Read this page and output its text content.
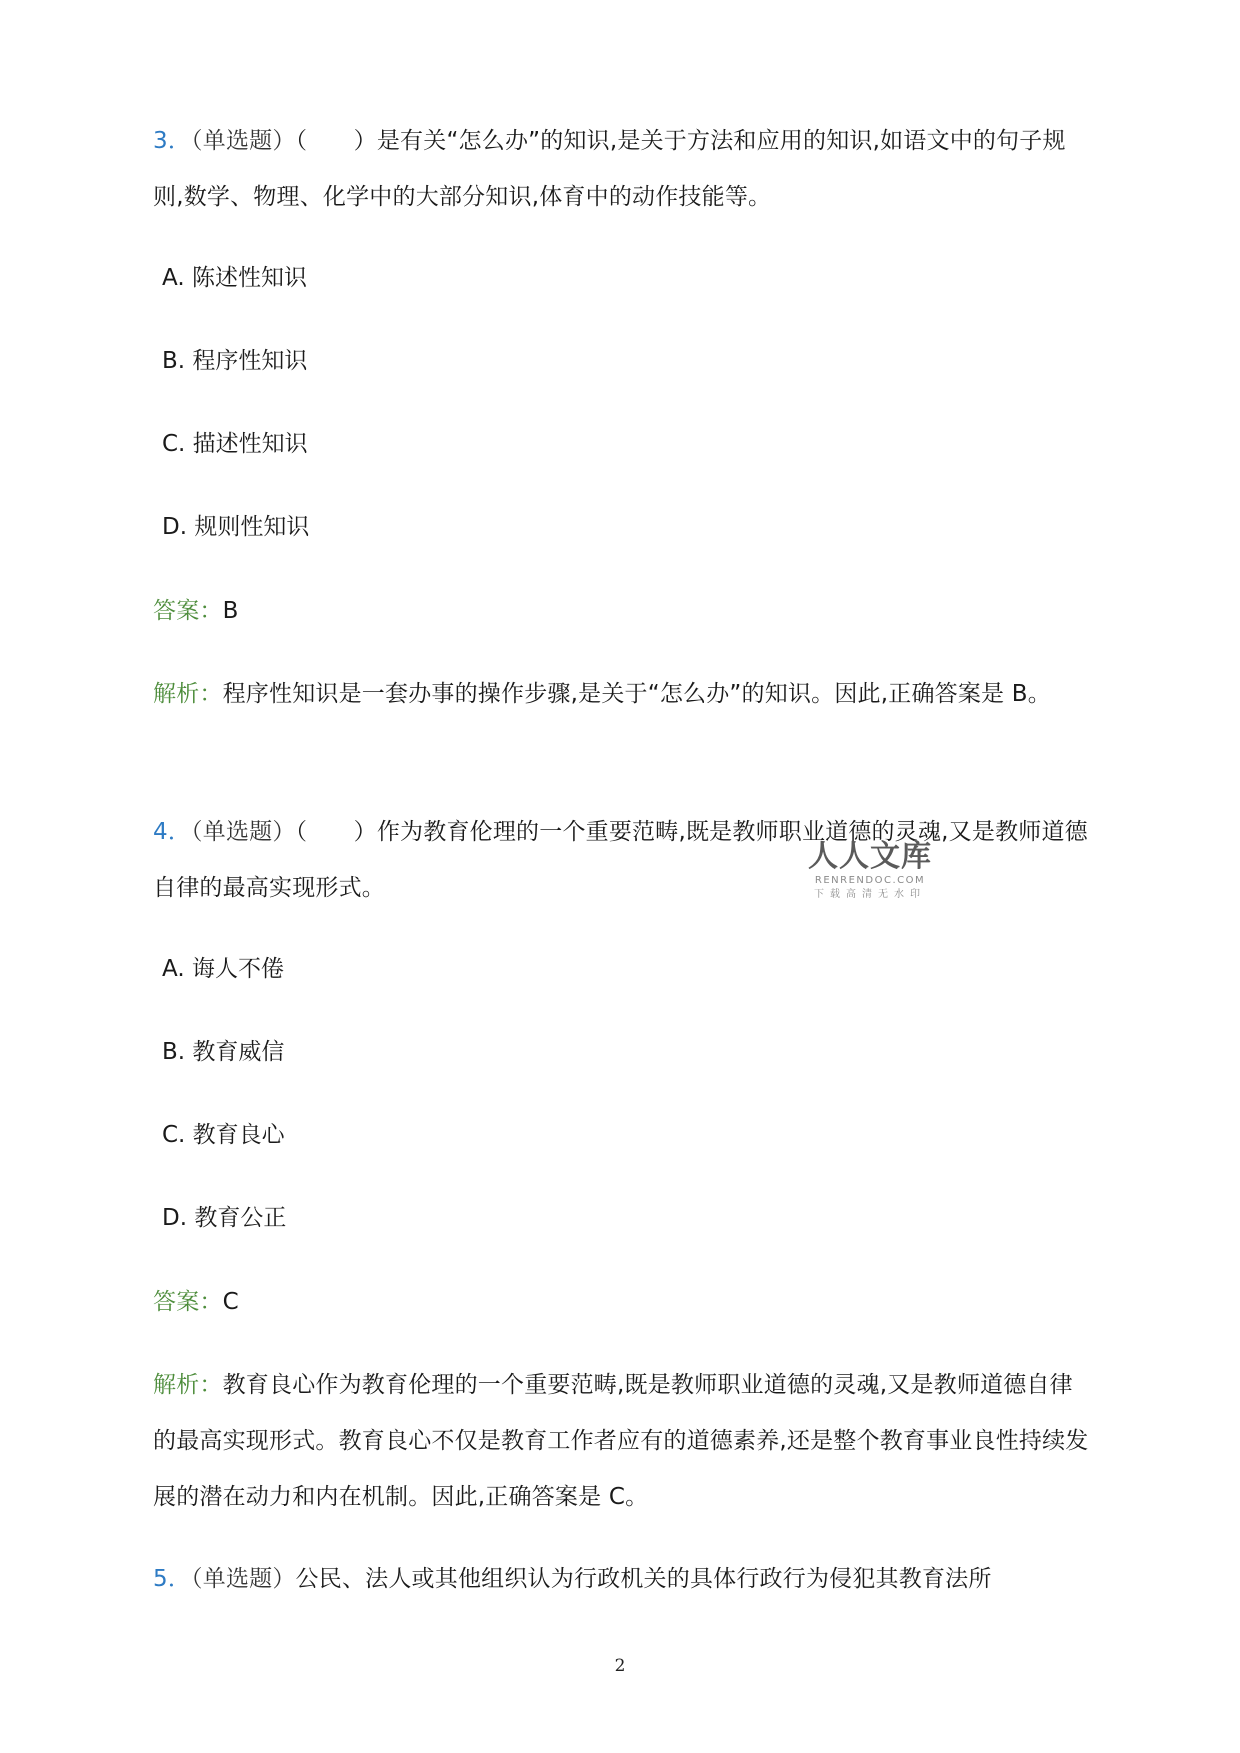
3．（单选题）（　　）是有关“怎么办”的知识,是关于方法和应用的知识,如语文中的句子规则,数学、物理、化学中的大部分知识,体育中的动作技能等。
A. 陈述性知识
B. 程序性知识
C. 描述性知识
D. 规则性知识
答案：B
解析：程序性知识是一套办事的操作步骤,是关于“怎么办”的知识。因此,正确答案是 B。
4．（单选题）（　　）作为教育伦理的一个重要范畴,既是教师职业道德的灵魂,又是教师道德自律的最高实现形式。
A. 诲人不倦
B. 教育威信
C. 教育良心
D. 教育公正
答案：C
解析：教育良心作为教育伦理的一个重要范畴,既是教师职业道德的灵魂,又是教师道德自律的最高实现形式。教育良心不仅是教育工作者应有的道德素养,还是整个教育事业良性持续发展的潜在动力和内在机制。因此,正确答案是 C。
5．（单选题）公民、法人或其他组织认为行政机关的具体行政行为侵犯其教育法所
人人文库
RENRENDOC.COM
下载高清无水印
2
